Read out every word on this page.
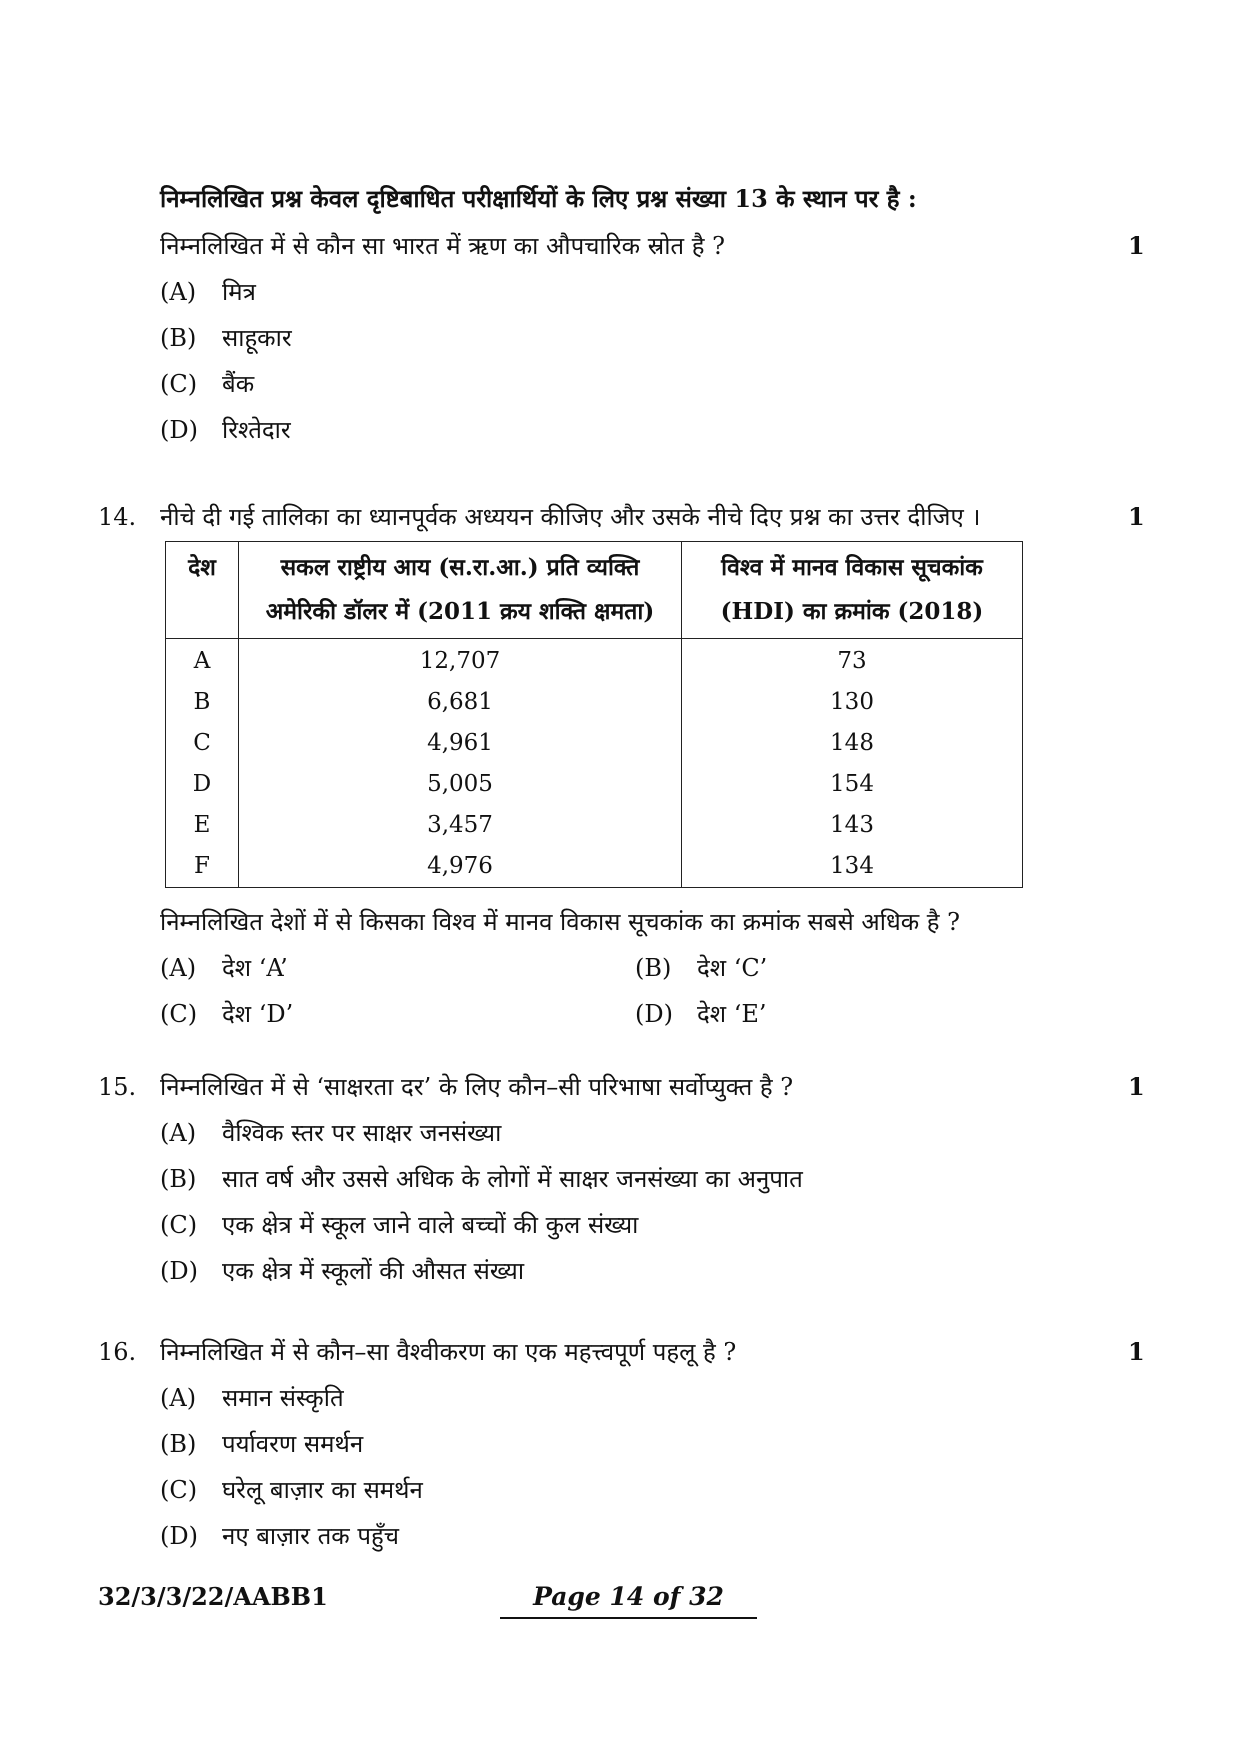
निम्नलिखित प्रश्न केवल दृष्टिबाधित परीक्षार्थियों के लिए प्रश्न संख्या 13 के स्थान पर है :
निम्नलिखित में से कौन सा भारत में ऋण का औपचारिक स्रोत है ?	1
(A) मित्र
(B) साहूकार
(C) बैंक
(D) रिश्तेदार
14. नीचे दी गई तालिका का ध्यानपूर्वक अध्ययन कीजिए और उसके नीचे दिए प्रश्न का उत्तर दीजिए ।	1
देश	सकल राष्ट्रीय आय (स.रा.आ.) प्रति व्यक्ति अमेरिकी डॉलर में (2011 क्रय शक्ति क्षमता)	विश्व में मानव विकास सूचकांक (HDI) का क्रमांक (2018)
A	12,707	73
B	6,681	130
C	4,961	148
D	5,005	154
E	3,457	143
F	4,976	134
निम्नलिखित देशों में से किसका विश्व में मानव विकास सूचकांक का क्रमांक सबसे अधिक है ?
(A) देश ‘A’	(B) देश ‘C’
(C) देश ‘D’	(D) देश ‘E’
15. निम्नलिखित में से ‘साक्षरता दर’ के लिए कौन–सी परिभाषा सर्वोप्युक्त है ?	1
(A) वैश्विक स्तर पर साक्षर जनसंख्या
(B) सात वर्ष और उससे अधिक के लोगों में साक्षर जनसंख्या का अनुपात
(C) एक क्षेत्र में स्कूल जाने वाले बच्चों की कुल संख्या
(D) एक क्षेत्र में स्कूलों की औसत संख्या
16. निम्नलिखित में से कौन–सा वैश्वीकरण का एक महत्त्वपूर्ण पहलू है ?	1
(A) समान संस्कृति
(B) पर्यावरण समर्थन
(C) घरेलू बाज़ार का समर्थन
(D) नए बाज़ार तक पहुँच
32/3/3/22/AABB1	Page 14 of 32
